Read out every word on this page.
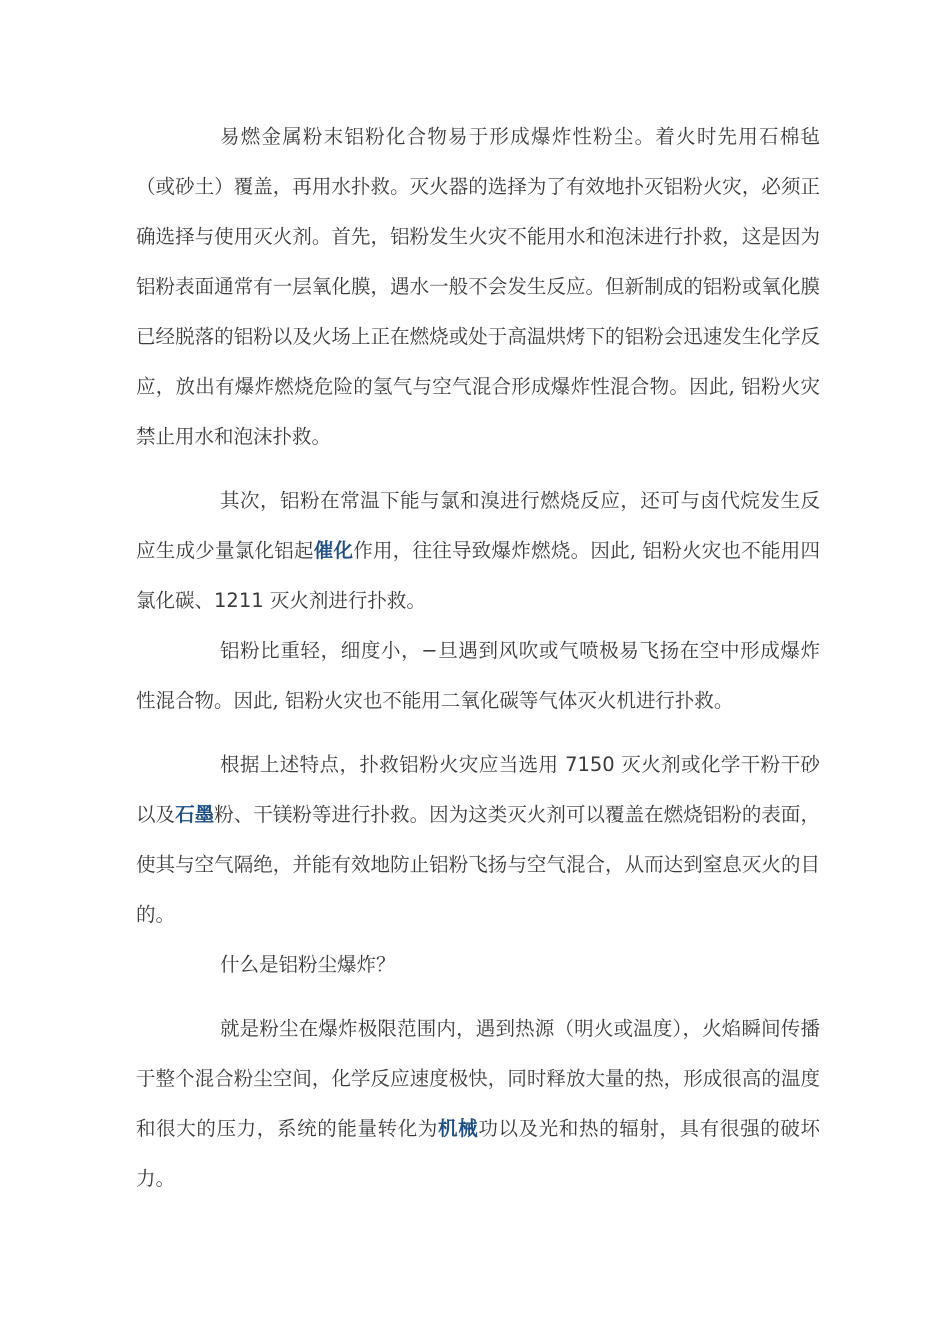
易燃金属粉末铝粉化合物易于形成爆炸性粉尘。着火时先用石棉毡（或砂土）覆盖，再用水扑救。灭火器的选择为了有效地扑灭铝粉火灾，必须正确选择与使用灭火剂。首先，铝粉发生火灾不能用水和泡沫进行扑救，这是因为铝粉表面通常有一层氧化膜，遇水一般不会发生反应。但新制成的铝粉或氧化膜已经脱落的铝粉以及火场上正在燃烧或处于高温烘烤下的铝粉会迅速发生化学反应，放出有爆炸燃烧危险的氢气与空气混合形成爆炸性混合物。因此, 铝粉火灾禁止用水和泡沫扑救。

其次，铝粉在常温下能与氯和溴进行燃烧反应，还可与卤代烷发生反应生成少量氯化铝起催化作用，往往导致爆炸燃烧。因此, 铝粉火灾也不能用四氯化碳、1211 灭火剂进行扑救。

铝粉比重轻，细度小，−旦遇到风吹或气喷极易飞扬在空中形成爆炸性混合物。因此, 铝粉火灾也不能用二氧化碳等气体灭火机进行扑救。

根据上述特点，扑救铝粉火灾应当选用 7150 灭火剂或化学干粉干砂以及石墨粉、干镁粉等进行扑救。因为这类灭火剂可以覆盖在燃烧铝粉的表面，使其与空气隔绝，并能有效地防止铝粉飞扬与空气混合，从而达到窒息灭火的目的。

什么是铝粉尘爆炸？

就是粉尘在爆炸极限范围内，遇到热源（明火或温度），火焰瞬间传播于整个混合粉尘空间，化学反应速度极快，同时释放大量的热，形成很高的温度和很大的压力，系统的能量转化为机械功以及光和热的辐射，具有很强的破坏力。
